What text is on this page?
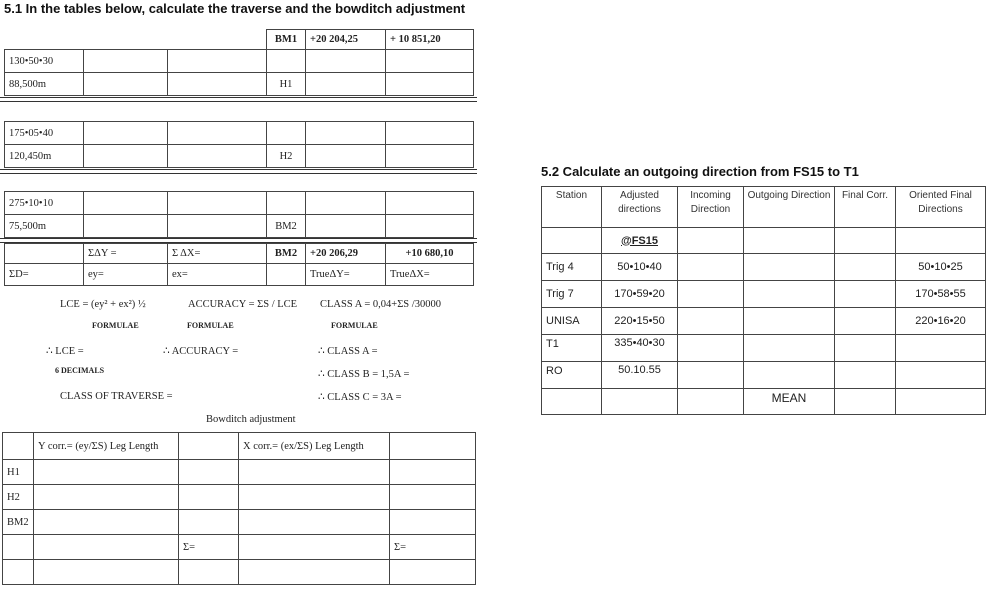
5.1 In the tables below, calculate the traverse and the bowditch adjustment
BM1	+20 204,25	+ 10 851,20
130•50•30					
88,500m			H1		
175•05•40					
120,450m			H2		
275•10•10					
75,500m			BM2		
	ΣΔY =	Σ ΔX=	BM2	+20 206,29	+10 680,10
ΣD=	ey=	ex=		TrueΔY=	TrueΔX=
LCE = (ey² + ex²) ½	ACCURACY = ΣS / LCE CLASS A = 0,04+ΣS /30000
FORMULAE	FORMULAE	FORMULAE
∴ LCE =	∴ ACCURACY =	∴ CLASS A =
6 DECIMALS	∴ CLASS B = 1,5A =
CLASS OF TRAVERSE =	∴ CLASS C = 3A =
Bowditch adjustment
	Y corr.= (ey/ΣS) Leg Length		X corr.= (ex/ΣS) Leg Length	
H1				
H2				
BM2				
		Σ=		Σ=

5.2 Calculate an outgoing direction from FS15 to T1
Station	Adjusted directions	Incoming Direction	Outgoing Direction	Final Corr.	Oriented Final Directions
	@FS15				
Trig 4	50•10•40				50•10•25
Trig 7	170•59•20				170•58•55
UNISA	220•15•50				220•16•20
T1	335•40•30				
RO	50.10.55				
			MEAN		
